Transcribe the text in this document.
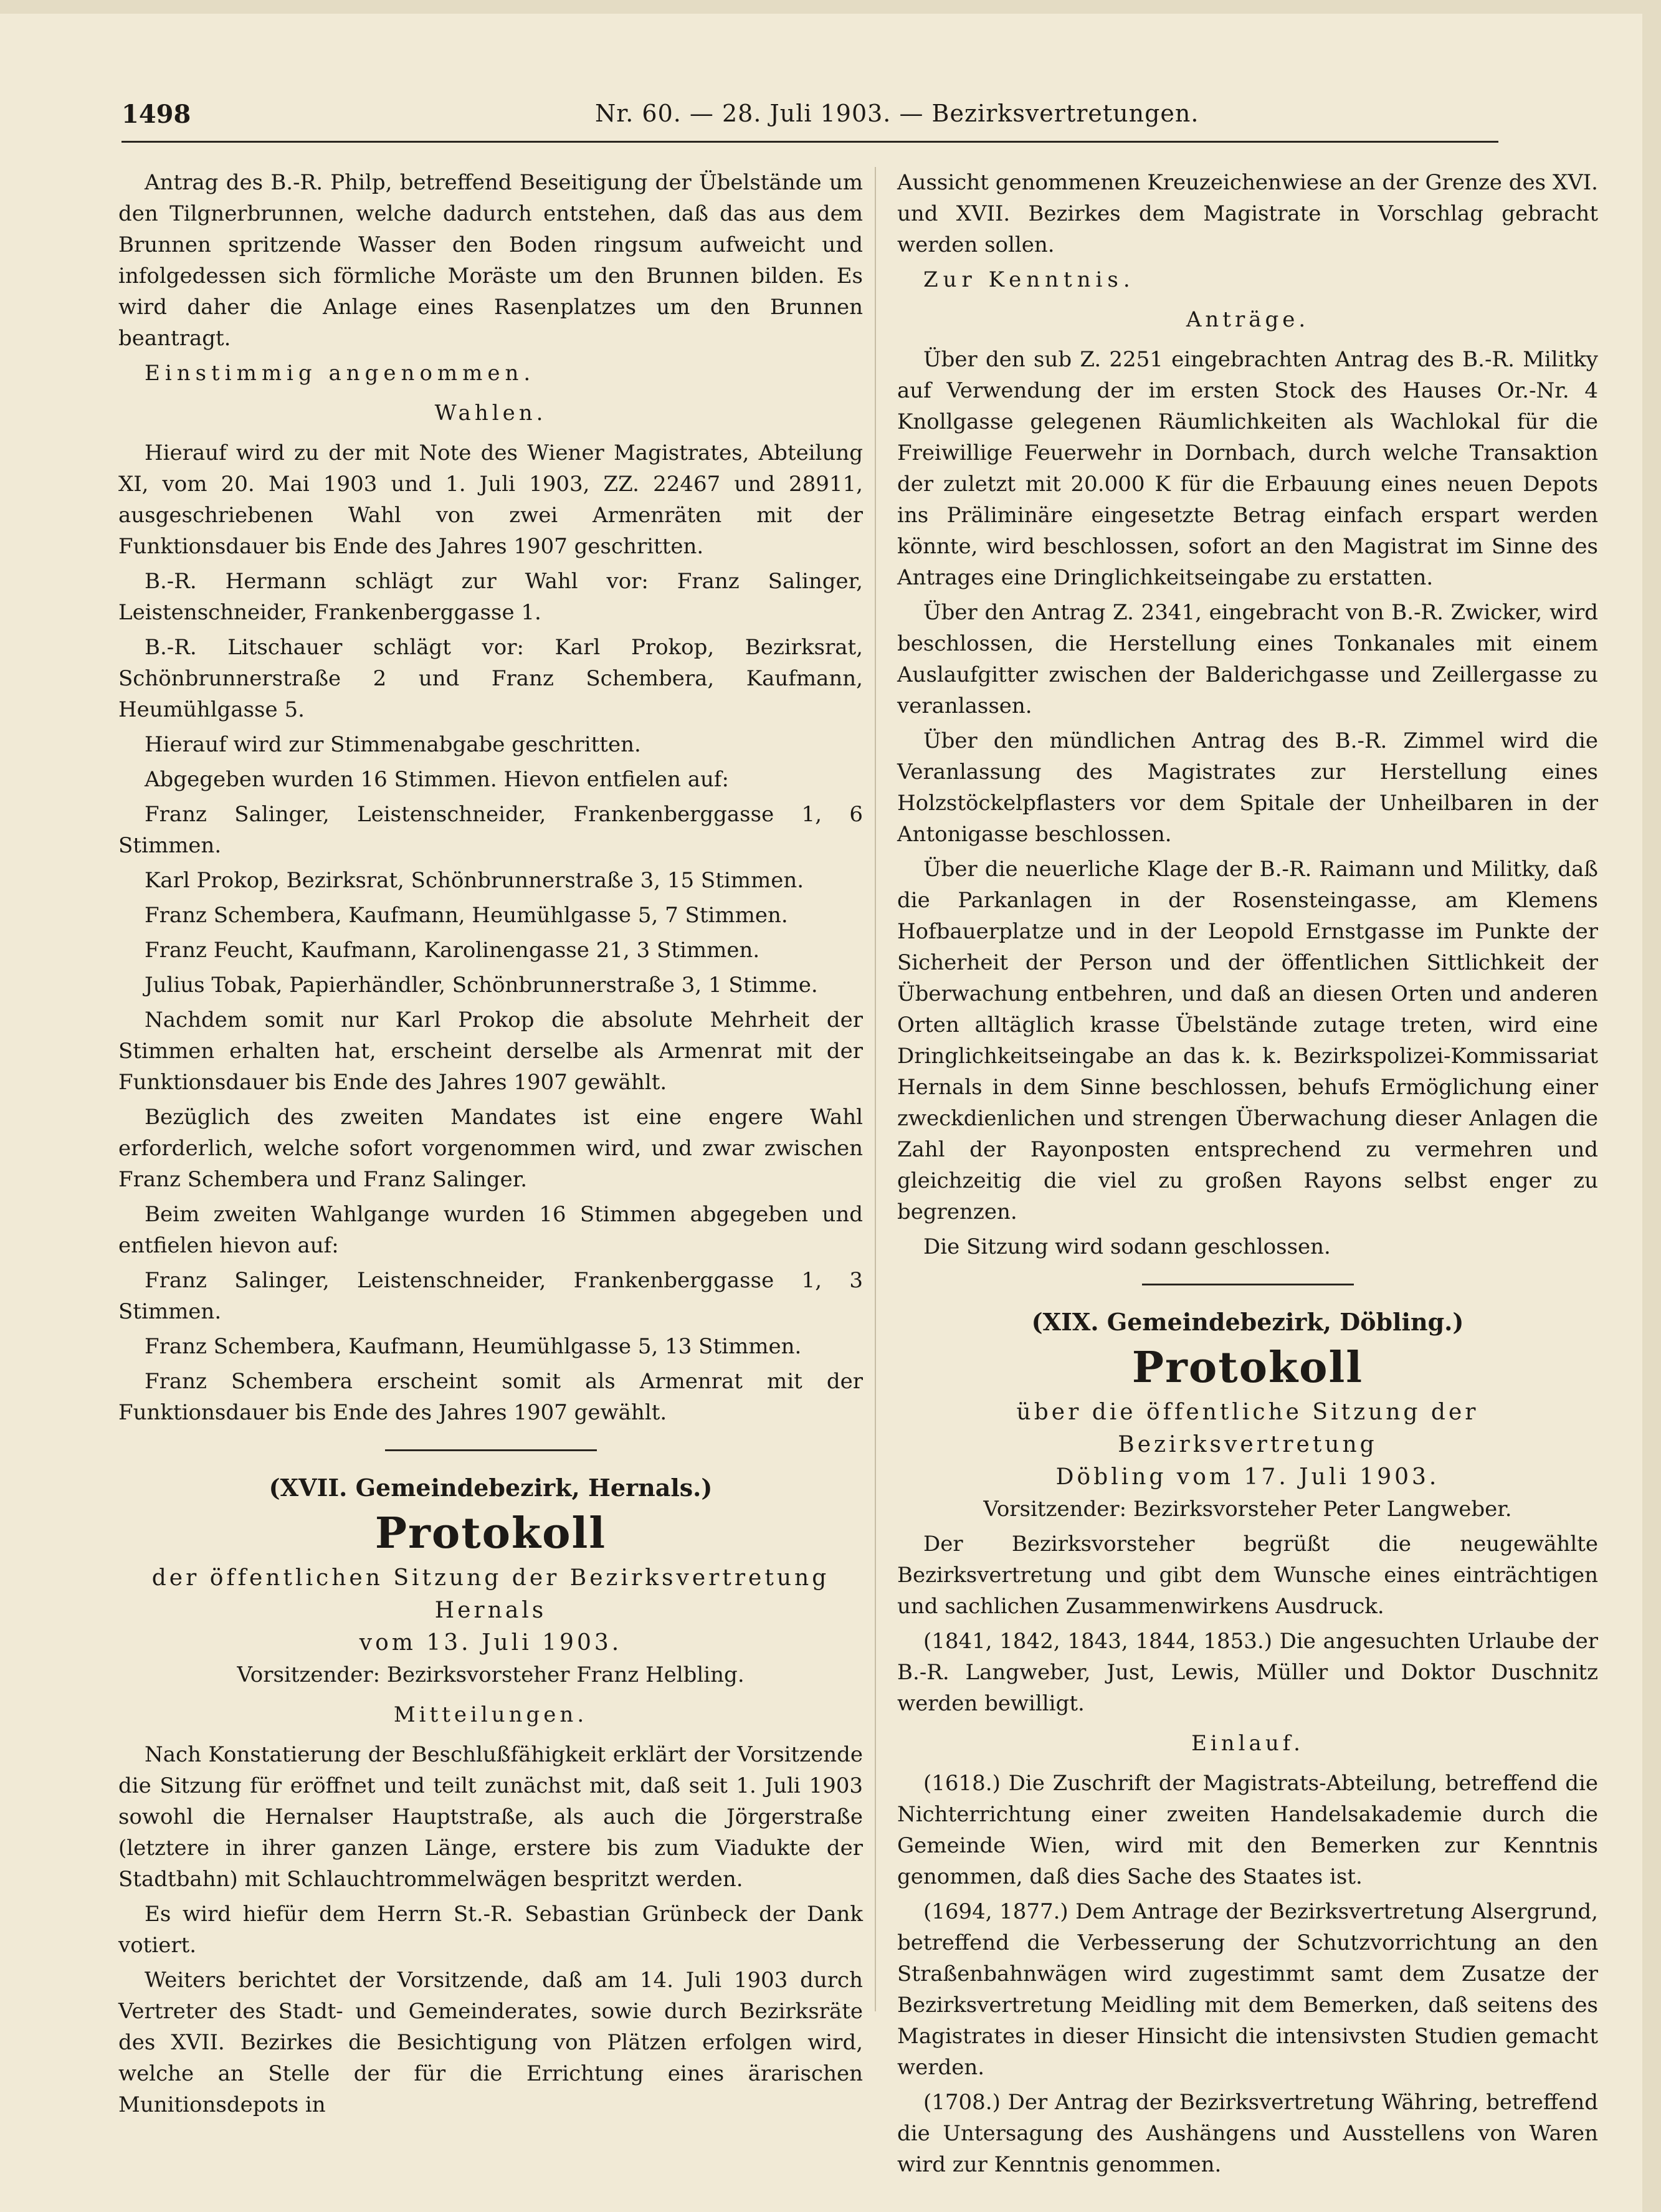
1498	Nr. 60. — 28. Juli 1903. — Bezirksvertretungen.

Antrag des B.-R. Philp, betreffend Beseitigung der Übelstände um den Tilgnerbrunnen, welche dadurch entstehen, daß das aus dem Brunnen spritzende Wasser den Boden ringsum aufweicht und infolgedessen sich förmliche Moräste um den Brunnen bilden. Es wird daher die Anlage eines Rasenplatzes um den Brunnen beantragt.

Einstimmig angenommen.

Wahlen.

Hierauf wird zu der mit Note des Wiener Magistrates, Abteilung XI, vom 20. Mai 1903 und 1. Juli 1903, ZZ. 22467 und 28911, ausgeschriebenen Wahl von zwei Armenräten mit der Funktionsdauer bis Ende des Jahres 1907 geschritten.

B.-R. Hermann schlägt zur Wahl vor: Franz Salinger, Leistenschneider, Frankenberggasse 1.

B.-R. Litschauer schlägt vor: Karl Prokop, Bezirksrat, Schönbrunnerstraße 2 und Franz Schembera, Kaufmann, Heumühlgasse 5.

Hierauf wird zur Stimmenabgabe geschritten.

Abgegeben wurden 16 Stimmen. Hievon entfielen auf:

Franz Salinger, Leistenschneider, Frankenberggasse 1, 6 Stimmen.

Karl Prokop, Bezirksrat, Schönbrunnerstraße 3, 15 Stimmen.

Franz Schembera, Kaufmann, Heumühlgasse 5, 7 Stimmen.

Franz Feucht, Kaufmann, Karolinengasse 21, 3 Stimmen.

Julius Tobak, Papierhändler, Schönbrunnerstraße 3, 1 Stimme.

Nachdem somit nur Karl Prokop die absolute Mehrheit der Stimmen erhalten hat, erscheint derselbe als Armenrat mit der Funktionsdauer bis Ende des Jahres 1907 gewählt.

Bezüglich des zweiten Mandates ist eine engere Wahl erforderlich, welche sofort vorgenommen wird, und zwar zwischen Franz Schembera und Franz Salinger.

Beim zweiten Wahlgange wurden 16 Stimmen abgegeben und entfielen hievon auf:

Franz Salinger, Leistenschneider, Frankenberggasse 1, 3 Stimmen.

Franz Schembera, Kaufmann, Heumühlgasse 5, 13 Stimmen.

Franz Schembera erscheint somit als Armenrat mit der Funktionsdauer bis Ende des Jahres 1907 gewählt.

(XVII. Gemeindebezirk, Hernals.)

Protokoll

der öffentlichen Sitzung der Bezirksvertretung Hernals

vom 13. Juli 1903.

Vorsitzender: Bezirksvorsteher Franz Helbling.

Mitteilungen.

Nach Konstatierung der Beschlußfähigkeit erklärt der Vorsitzende die Sitzung für eröffnet und teilt zunächst mit, daß seit 1. Juli 1903 sowohl die Hernalser Hauptstraße, als auch die Jörgerstraße (letztere in ihrer ganzen Länge, erstere bis zum Viadukte der Stadtbahn) mit Schlauchtrommelwägen bespritzt werden.

Es wird hiefür dem Herrn St.-R. Sebastian Grünbeck der Dank votiert.

Weiters berichtet der Vorsitzende, daß am 14. Juli 1903 durch Vertreter des Stadt- und Gemeinderates, sowie durch Bezirksräte des XVII. Bezirkes die Besichtigung von Plätzen erfolgen wird, welche an Stelle der für die Errichtung eines ärarischen Munitionsdepots in

Aussicht genommenen Kreuzeichenwiese an der Grenze des XVI. und XVII. Bezirkes dem Magistrate in Vorschlag gebracht werden sollen.

Zur Kenntnis.

Anträge.

Über den sub Z. 2251 eingebrachten Antrag des B.-R. Militky auf Verwendung der im ersten Stock des Hauses Or.-Nr. 4 Knollgasse gelegenen Räumlichkeiten als Wachlokal für die Freiwillige Feuerwehr in Dornbach, durch welche Transaktion der zuletzt mit 20.000 K für die Erbauung eines neuen Depots ins Präliminäre eingesetzte Betrag einfach erspart werden könnte, wird beschlossen, sofort an den Magistrat im Sinne des Antrages eine Dringlichkeitseingabe zu erstatten.

Über den Antrag Z. 2341, eingebracht von B.-R. Zwicker, wird beschlossen, die Herstellung eines Tonkanales mit einem Auslaufgitter zwischen der Balderichgasse und Zeillergasse zu veranlassen.

Über den mündlichen Antrag des B.-R. Zimmel wird die Veranlassung des Magistrates zur Herstellung eines Holzstöckelpflasters vor dem Spitale der Unheilbaren in der Antonigasse beschlossen.

Über die neuerliche Klage der B.-R. Raimann und Militky, daß die Parkanlagen in der Rosensteingasse, am Klemens Hofbauerplatze und in der Leopold Ernstgasse im Punkte der Sicherheit der Person und der öffentlichen Sittlichkeit der Überwachung entbehren, und daß an diesen Orten und anderen Orten alltäglich krasse Übelstände zutage treten, wird eine Dringlichkeitseingabe an das k. k. Bezirkspolizei-Kommissariat Hernals in dem Sinne beschlossen, behufs Ermöglichung einer zweckdienlichen und strengen Überwachung dieser Anlagen die Zahl der Rayonposten entsprechend zu vermehren und gleichzeitig die viel zu großen Rayons selbst enger zu begrenzen.

Die Sitzung wird sodann geschlossen.

(XIX. Gemeindebezirk, Döbling.)

Protokoll

über die öffentliche Sitzung der Bezirksvertretung

Döbling vom 17. Juli 1903.

Vorsitzender: Bezirksvorsteher Peter Langweber.

Der Bezirksvorsteher begrüßt die neugewählte Bezirksvertretung und gibt dem Wunsche eines einträchtigen und sachlichen Zusammenwirkens Ausdruck.

(1841, 1842, 1843, 1844, 1853.) Die angesuchten Urlaube der B.-R. Langweber, Just, Lewis, Müller und Doktor Duschnitz werden bewilligt.

Einlauf.

(1618.) Die Zuschrift der Magistrats-Abteilung, betreffend die Nichterrichtung einer zweiten Handelsakademie durch die Gemeinde Wien, wird mit den Bemerken zur Kenntnis genommen, daß dies Sache des Staates ist.

(1694, 1877.) Dem Antrage der Bezirksvertretung Alsergrund, betreffend die Verbesserung der Schutzvorrichtung an den Straßenbahnwägen wird zugestimmt samt dem Zusatze der Bezirksvertretung Meidling mit dem Bemerken, daß seitens des Magistrates in dieser Hinsicht die intensivsten Studien gemacht werden.

(1708.) Der Antrag der Bezirksvertretung Währing, betreffend die Untersagung des Aushängens und Ausstellens von Waren wird zur Kenntnis genommen.
